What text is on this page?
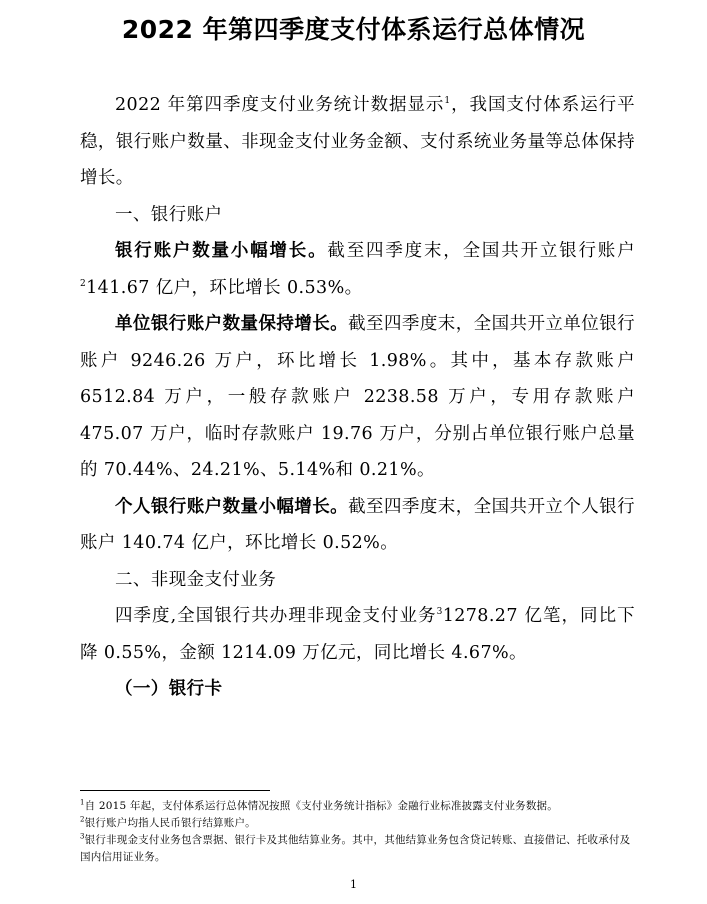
2022 年第四季度支付体系运行总体情况

2022 年第四季度支付业务统计数据显示$^1$，我国支付体系运行平稳，银行账户数量、非现金支付业务金额、支付系统业务量等总体保持增长。

一、银行账户

银行账户数量小幅增长。截至四季度末，全国共开立银行账户$^2$141.67 亿户，环比增长 0.53%。

单位银行账户数量保持增长。截至四季度末，全国共开立单位银行账户 9246.26 万户，环比增长 1.98%。其中，基本存款账户 6512.84 万户，一般存款账户 2238.58 万户，专用存款账户 475.07 万户，临时存款账户 19.76 万户，分别占单位银行账户总量的 70.44%、24.21%、5.14%和 0.21%。

个人银行账户数量小幅增长。截至四季度末，全国共开立个人银行账户 140.74 亿户，环比增长 0.52%。

二、非现金支付业务

四季度,全国银行共办理非现金支付业务$^3$1278.27 亿笔，同比下降 0.55%，金额 1214.09 万亿元，同比增长 4.67%。

（一）银行卡

$^1$自 2015 年起，支付体系运行总体情况按照《支付业务统计指标》金融行业标准披露支付业务数据。

$^2$银行账户均指人民币银行结算账户。

$^3$银行非现金支付业务包含票据、银行卡及其他结算业务。其中，其他结算业务包含贷记转账、直接借记、托收承付及国内信用证业务。

1
